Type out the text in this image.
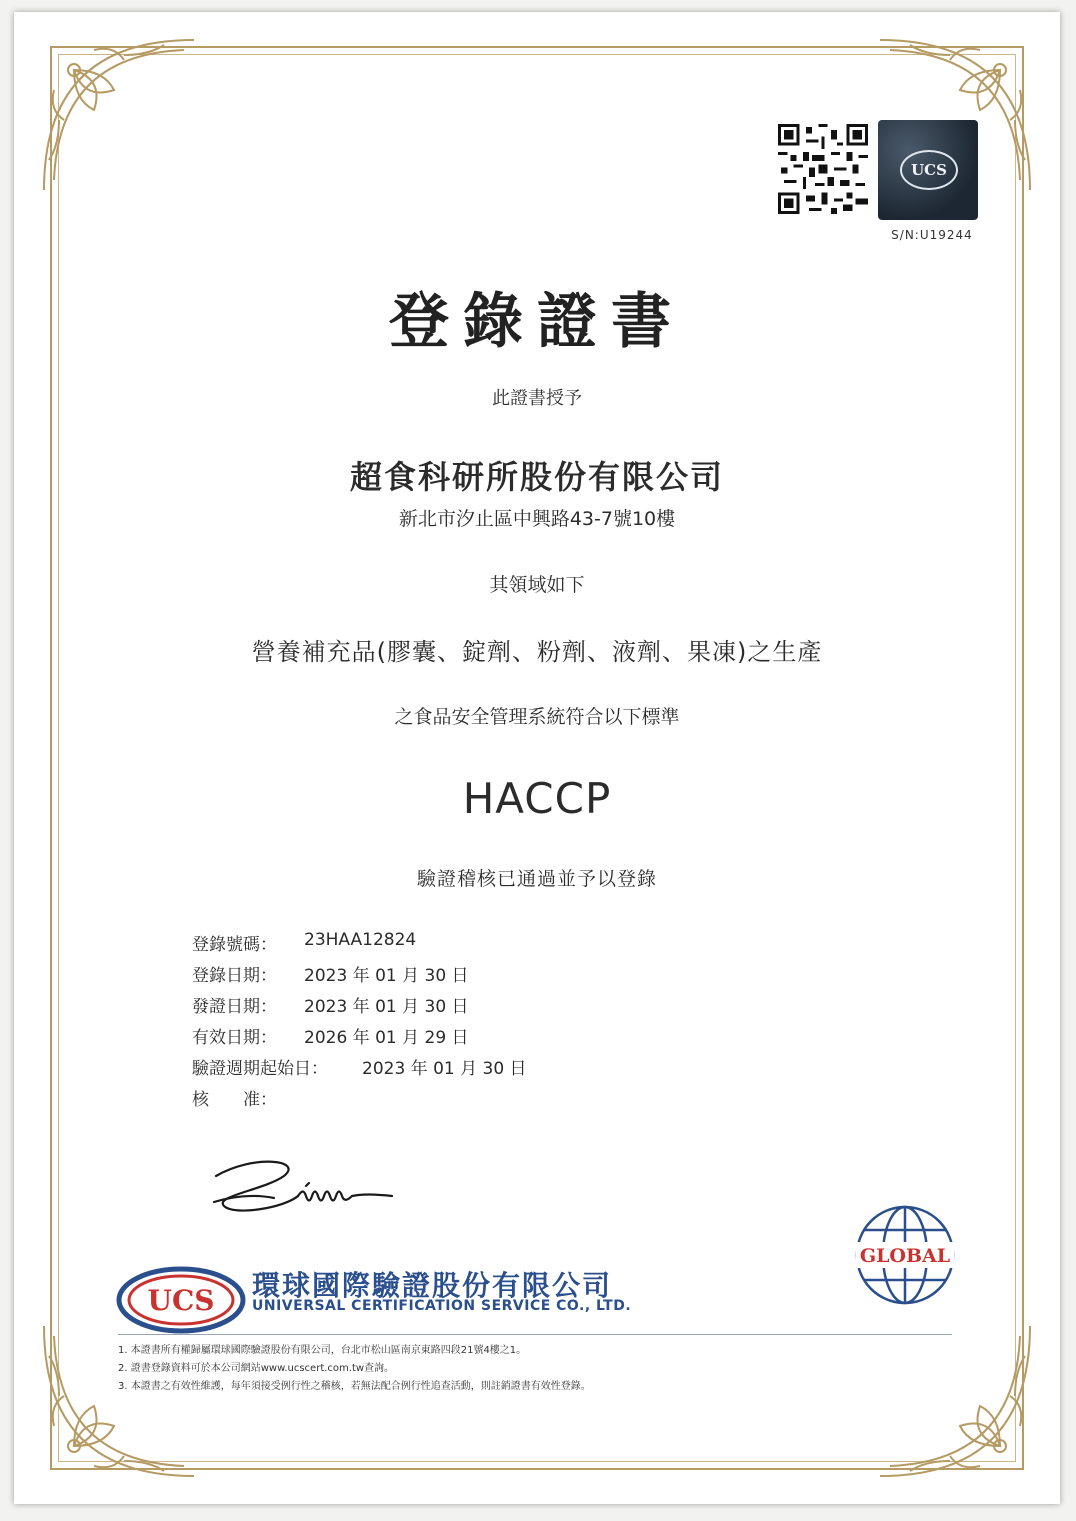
UCS
S/N:U19244
登錄證書
此證書授予
超食科研所股份有限公司
新北市汐止區中興路43-7號10樓
其領域如下
營養補充品(膠囊、錠劑、粉劑、液劑、果凍)之生產
之食品安全管理系統符合以下標準
HACCP
驗證稽核已通過並予以登錄
登錄號碼： 23HAA12824
登錄日期： 2023 年 01 月 30 日
發證日期： 2023 年 01 月 30 日
有效日期： 2026 年 01 月 29 日
驗證週期起始日： 2023 年 01 月 30 日
核　　准：
UCS 環球國際驗證股份有限公司
UNIVERSAL CERTIFICATION SERVICE CO., LTD.
GLOBAL
1. 本證書所有權歸屬環球國際驗證股份有限公司，台北市松山區南京東路四段21號4樓之1。
2. 證書登錄資料可於本公司網站www.ucscert.com.tw查詢。
3. 本證書之有效性維護，每年須接受例行性之稽核，若無法配合例行性追查活動，則註銷證書有效性登錄。
